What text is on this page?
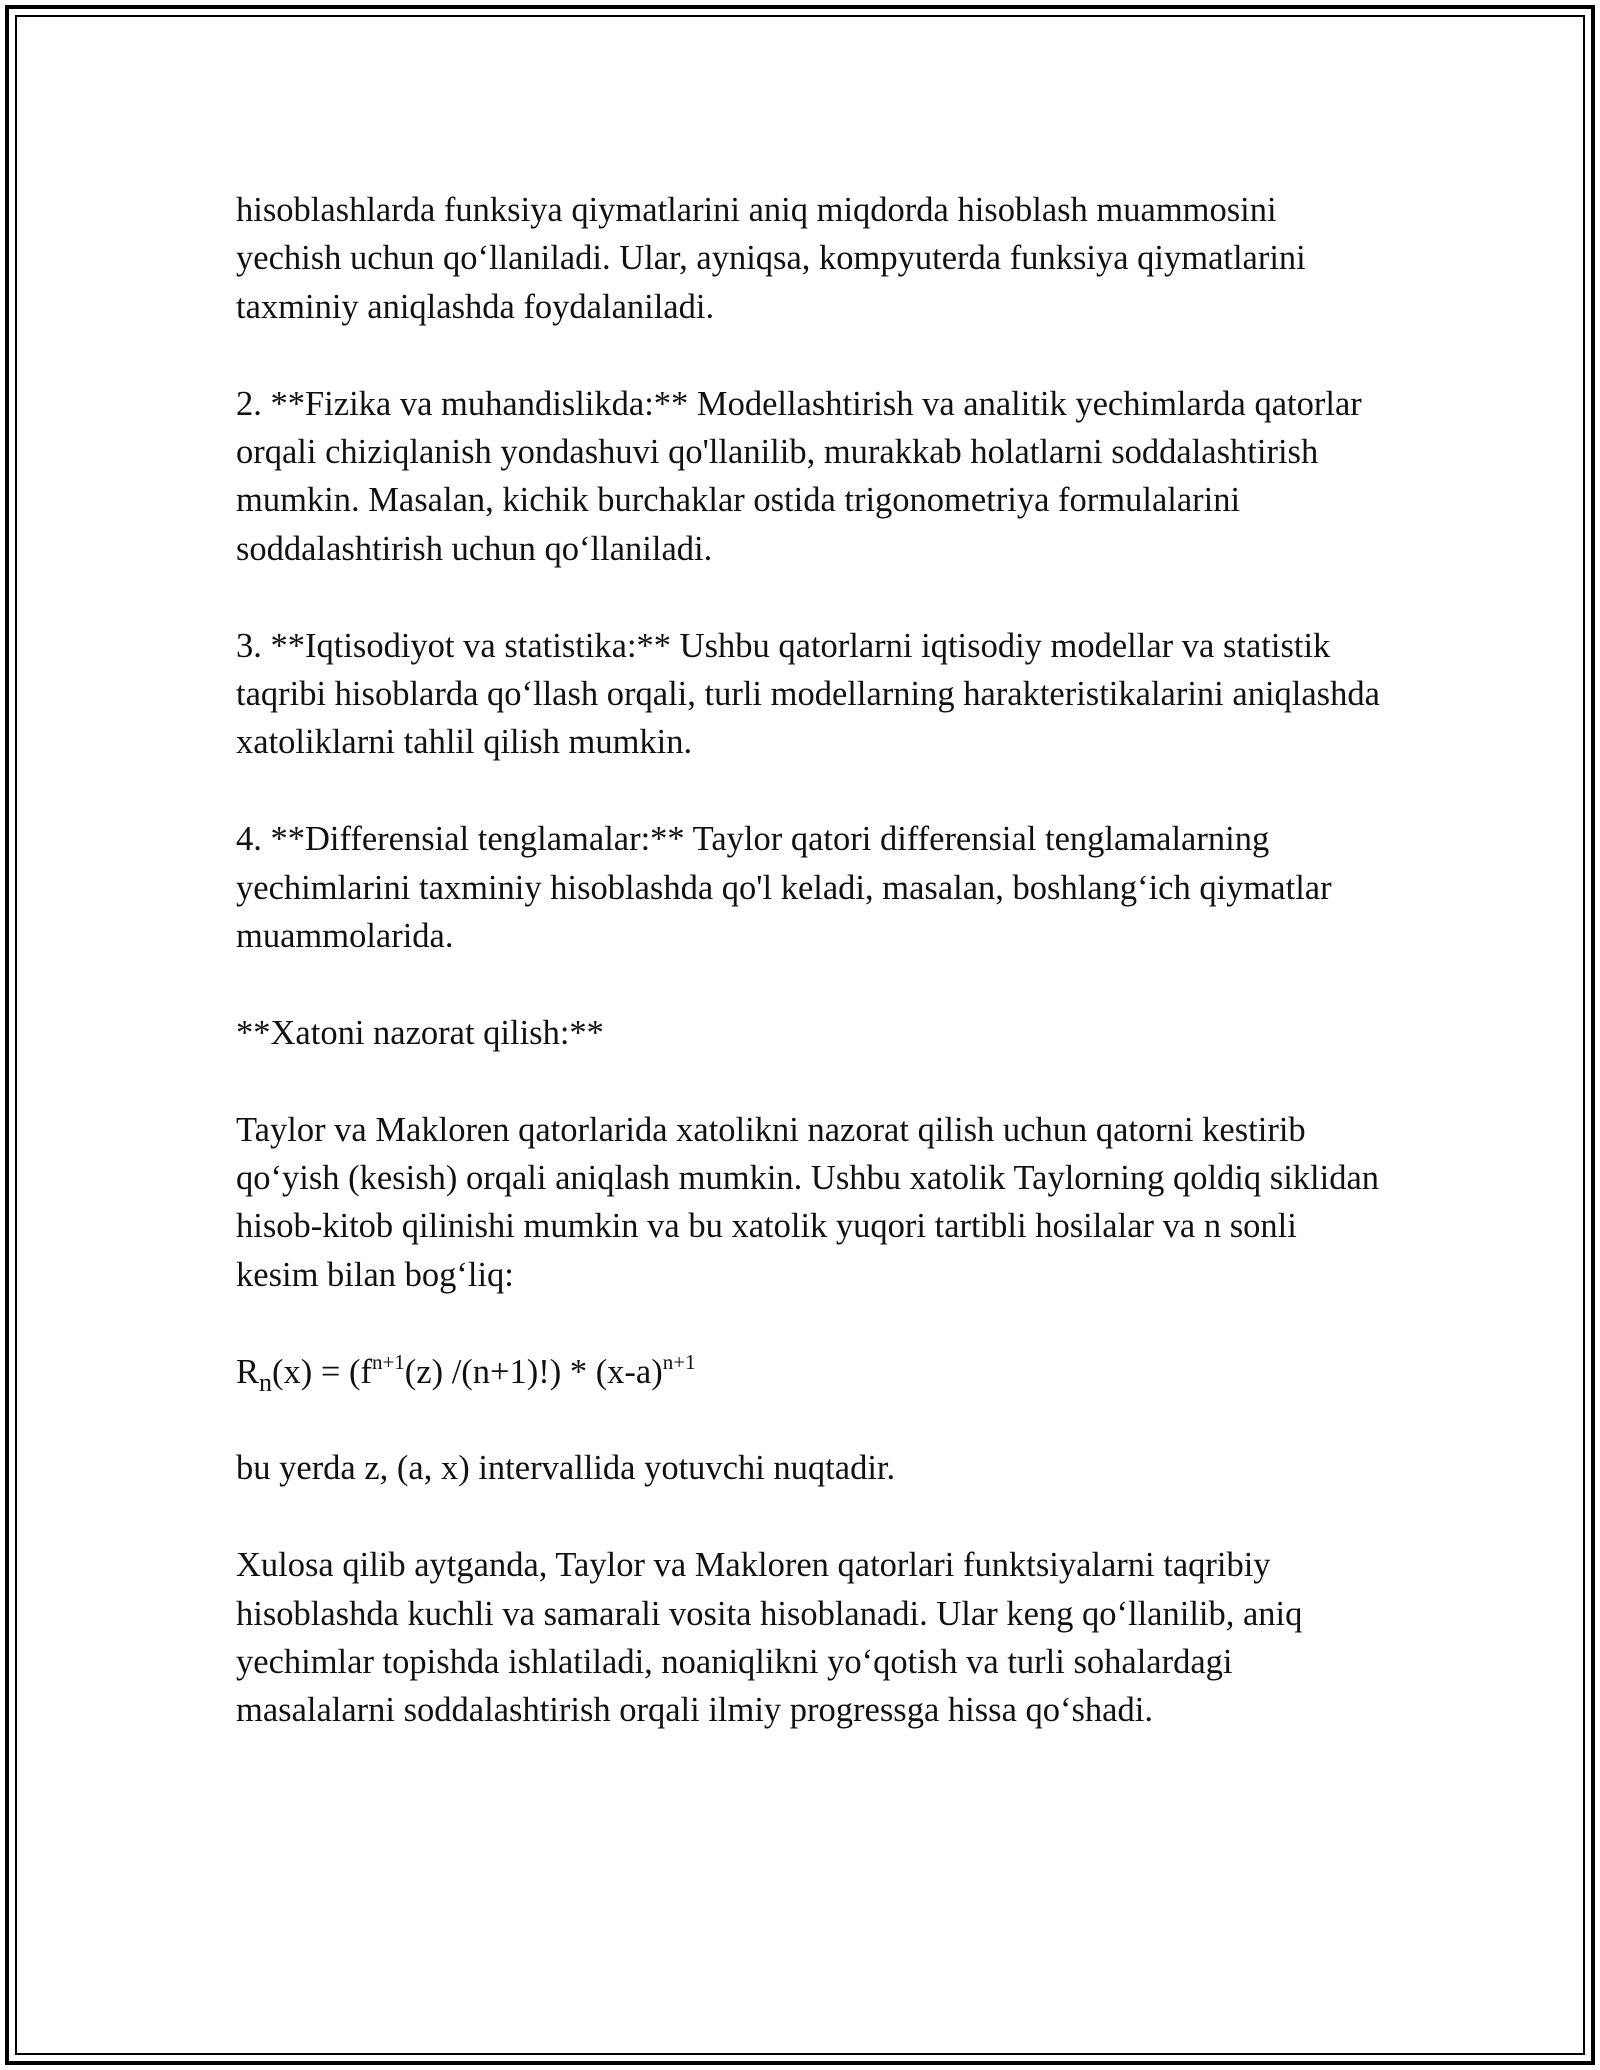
hisoblashlarda funksiya qiymatlarini aniq miqdorda hisoblash muammosini yechish uchun qo‘llaniladi. Ular, ayniqsa, kompyuterda funksiya qiymatlarini taxminiy aniqlashda foydalaniladi.

2. **Fizika va muhandislikda:** Modellashtirish va analitik yechimlarda qatorlar orqali chiziqlanish yondashuvi qo'llanilib, murakkab holatlarni soddalashtirish mumkin. Masalan, kichik burchaklar ostida trigonometriya formulalarini soddalashtirish uchun qo‘llaniladi.

3. **Iqtisodiyot va statistika:** Ushbu qatorlarni iqtisodiy modellar va statistik taqribi hisoblarda qo‘llash orqali, turli modellarning harakteristikalarini aniqlashda xatoliklarni tahlil qilish mumkin.

4. **Differensial tenglamalar:** Taylor qatori differensial tenglamalarning yechimlarini taxminiy hisoblashda qo'l keladi, masalan, boshlang‘ich qiymatlar muammolarida.

**Xatoni nazorat qilish:**

Taylor va Makloren qatorlarida xatolikni nazorat qilish uchun qatorni kestirib qo‘yish (kesish) orqali aniqlash mumkin. Ushbu xatolik Taylorning qoldiq siklidan hisob-kitob qilinishi mumkin va bu xatolik yuqori tartibli hosilalar va n sonli kesim bilan bog‘liq:

$R_n(x) = (f^{n+1}(z)$ $/(n+1)!) * (x-a)^{n+1}$

bu yerda z, (a, x) intervallida yotuvchi nuqtadir.

Xulosa qilib aytganda, Taylor va Makloren qatorlari funktsiyalarni taqribiy hisoblashda kuchli va samarali vosita hisoblanadi. Ular keng qo‘llanilib, aniq yechimlar topishda ishlatiladi, noaniqlikni yo‘qotish va turli sohalardagi masalalarni soddalashtirish orqali ilmiy progressga hissa qo‘shadi.
